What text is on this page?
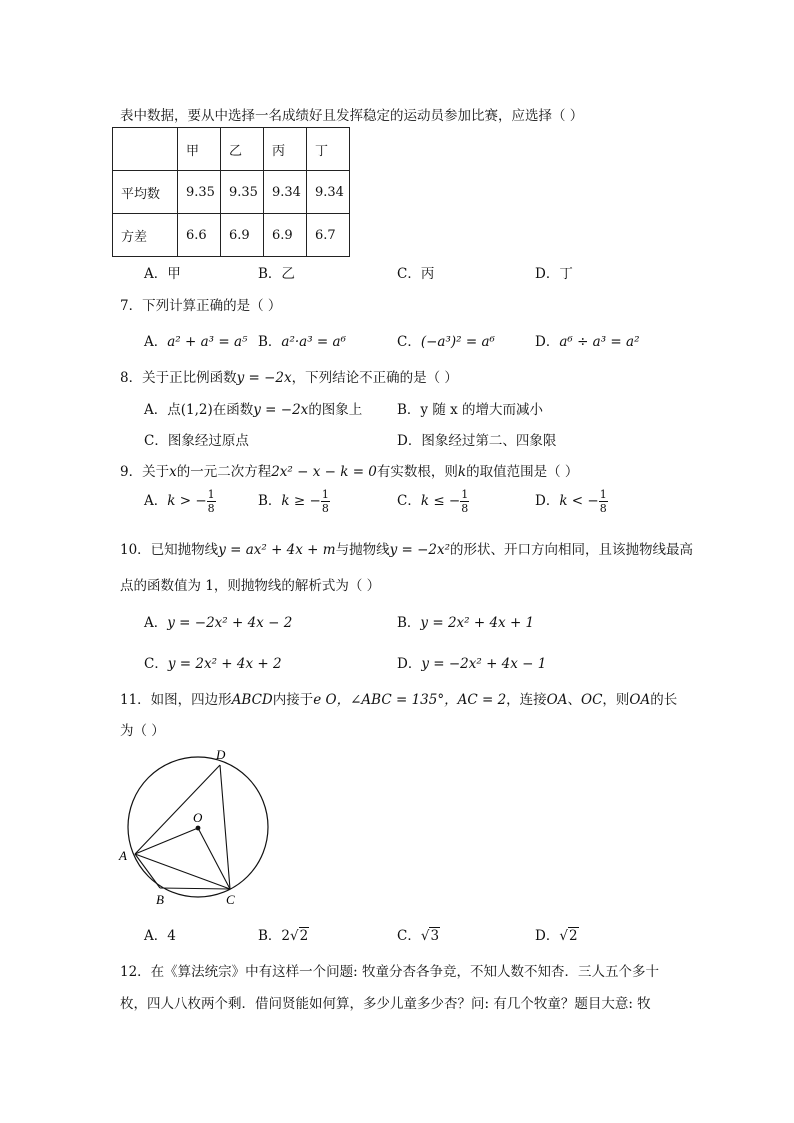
表中数据，要从中选择一名成绩好且发挥稳定的运动员参加比赛，应选择（ ）
	甲	乙	丙	丁
平均数	9.35	9.35	9.34	9.34
方差	6.6	6.9	6.9	6.7
A．甲	B．乙	C．丙	D．丁
7．下列计算正确的是（ ）
A．a² + a³ = a⁵ B．a²·a³ = a⁶	C．(−a³)² = a⁶	D．a⁶ ÷ a³ = a²
8．关于正比例函数y = −2x，下列结论不正确的是（ ）
A．点(1,2)在函数y = −2x的图象上	B．y 随 x 的增大而减小
C．图象经过原点	D．图象经过第二、四象限
9．关于x的一元二次方程2x² − x − k = 0有实数根，则k的取值范围是（ ）
A．k > − $\frac{1}{8}$	B．k ≥ − $\frac{1}{8}$	C．k ≤ − $\frac{1}{8}$	D．k < − $\frac{1}{8}$
10．已知抛物线y = ax² + 4x + m与抛物线y = −2x²的形状、开口方向相同，且该抛物线最高
点的函数值为 1，则抛物线的解析式为（ ）
A．y = −2x² + 4x − 2	B．y = 2x² + 4x + 1
C．y = 2x² + 4x + 2	D．y = −2x² + 4x − 1
11．如图，四边形ABCD内接于e O，∠ABC = 135°，AC = 2，连接OA、OC，则OA的长
为（ ）
D
O
A
B	C
A．4	B．2√2	C．√3	D．√2
12．在《算法统宗》中有这样一个问题: 牧童分杏各争竞，不知人数不知杏．三人五个多十
枚，四人八枚两个剩．借问贤能如何算，多少儿童多少杏？问: 有几个牧童？题目大意: 牧
